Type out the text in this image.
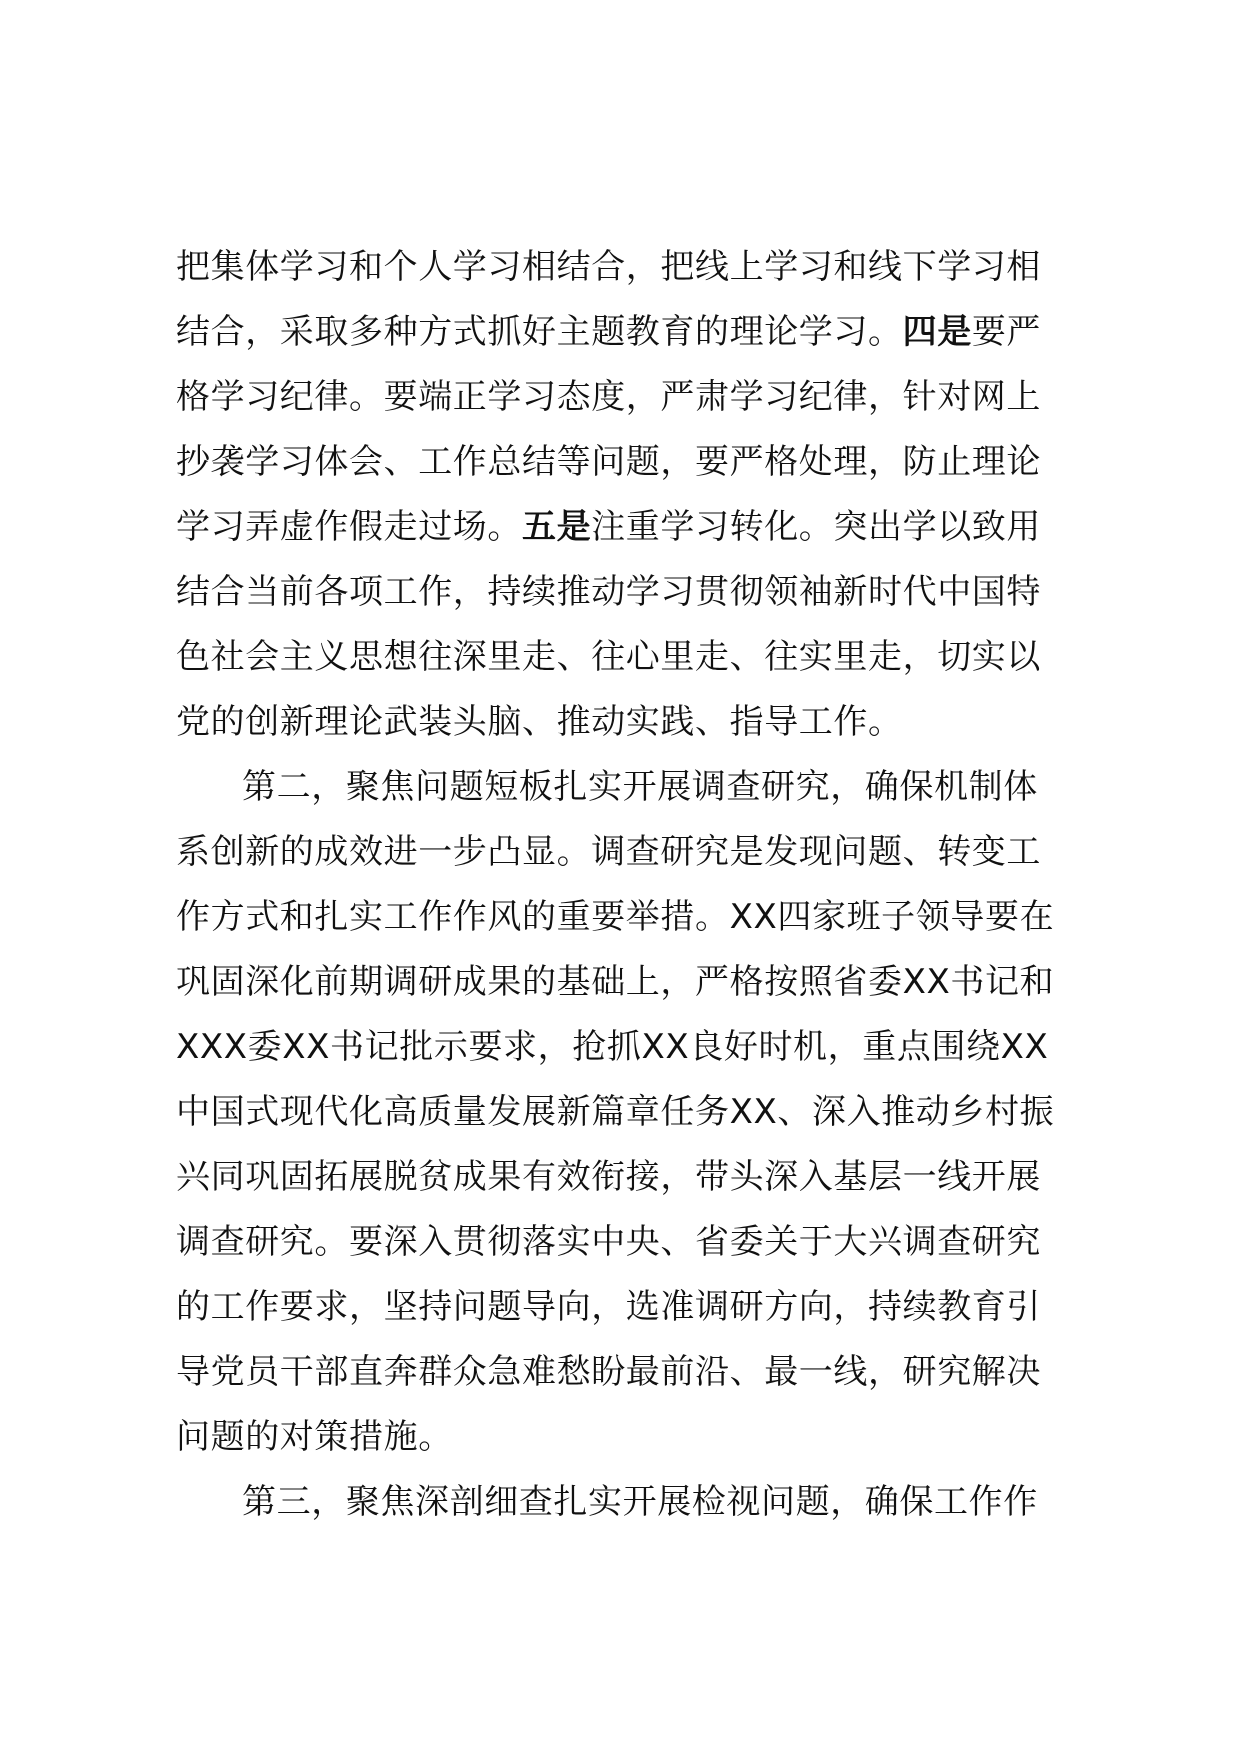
把集体学习和个人学习相结合，把线上学习和线下学习相
结合，采取多种方式抓好主题教育的理论学习。四是要严
格学习纪律。要端正学习态度，严肃学习纪律，针对网上
抄袭学习体会、工作总结等问题，要严格处理，防止理论
学习弄虚作假走过场。五是注重学习转化。突出学以致用
结合当前各项工作，持续推动学习贯彻领袖新时代中国特
色社会主义思想往深里走、往心里走、往实里走，切实以
党的创新理论武装头脑、推动实践、指导工作。
第二，聚焦问题短板扎实开展调查研究，确保机制体
系创新的成效进一步凸显。调查研究是发现问题、转变工
作方式和扎实工作作风的重要举措。XX四家班子领导要在
巩固深化前期调研成果的基础上，严格按照省委XX书记和
XXX委XX书记批示要求，抢抓XX良好时机，重点围绕XX
中国式现代化高质量发展新篇章任务XX、深入推动乡村振
兴同巩固拓展脱贫成果有效衔接，带头深入基层一线开展
调查研究。要深入贯彻落实中央、省委关于大兴调查研究
的工作要求，坚持问题导向，选准调研方向，持续教育引
导党员干部直奔群众急难愁盼最前沿、最一线，研究解决
问题的对策措施。
第三，聚焦深剖细查扎实开展检视问题，确保工作作
